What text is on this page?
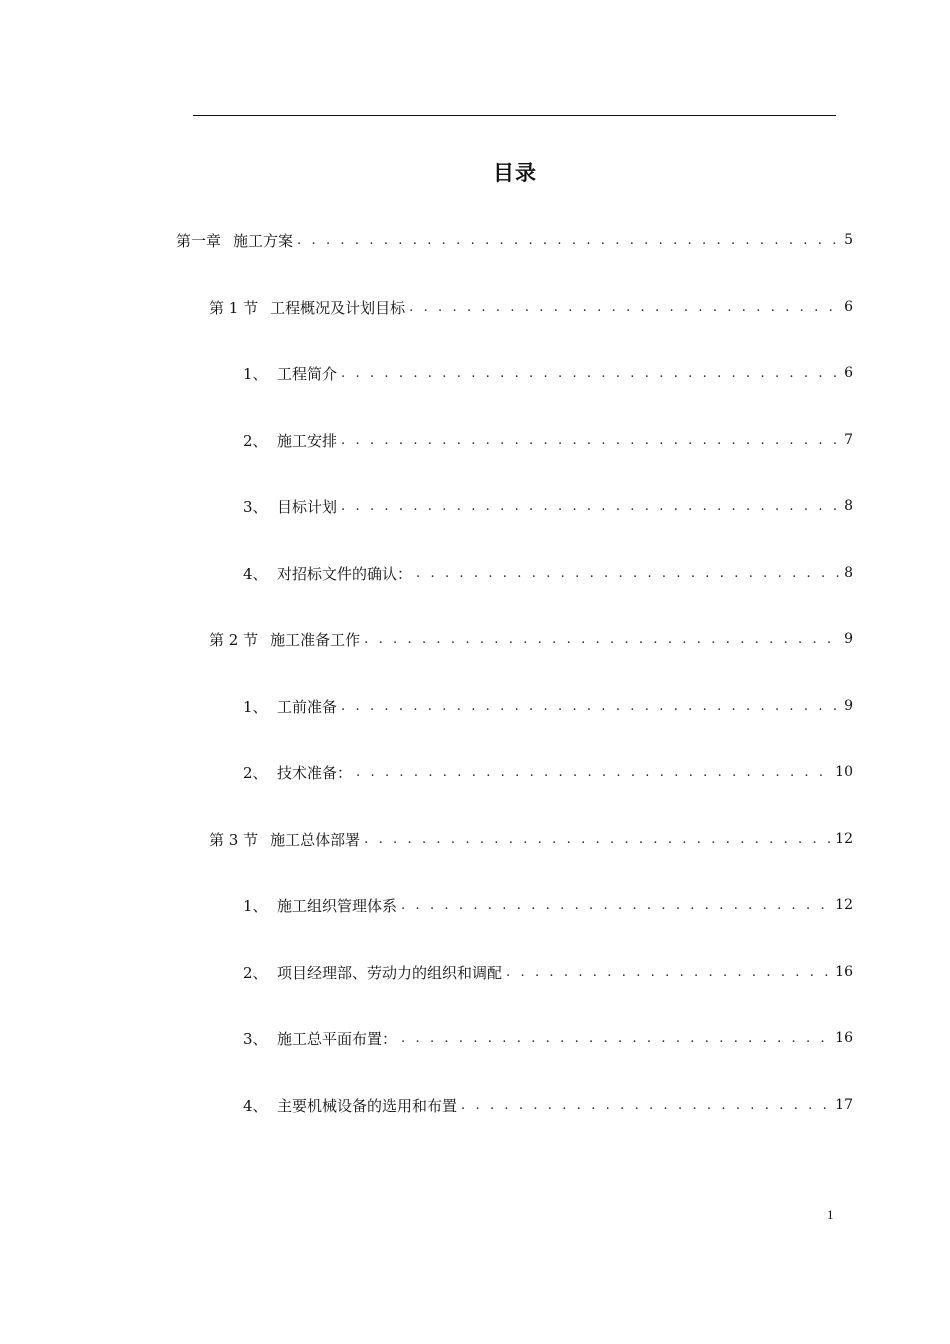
目录
第一章 施工方案 . . .	5
第 1 节 工程概况及计划目标 . . .	6
1、 工程简介 . . .	6
2、 施工安排 . . .	7
3、 目标计划 . . .	8
4、 对招标文件的确认： . . .	8
第 2 节 施工准备工作 . . .	9
1、 工前准备 . . .	9
2、 技术准备： . . .	10
第 3 节 施工总体部署 . . .	12
1、 施工组织管理体系 . . .	12
2、 项目经理部、劳动力的组织和调配 . . .	16
3、 施工总平面布置： . . .	16
4、 主要机械设备的选用和布置 . . .	17
1
